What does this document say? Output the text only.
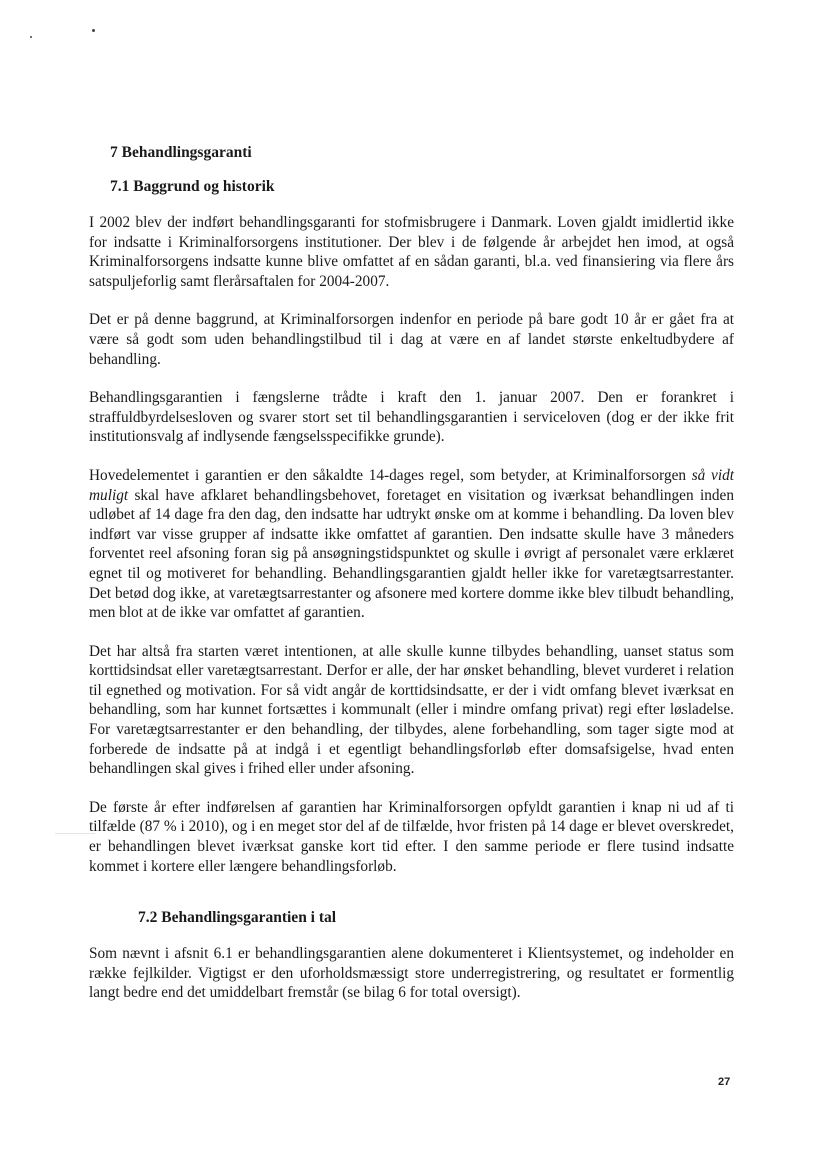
7 Behandlingsgaranti
7.1 Baggrund og historik

I 2002 blev der indført behandlingsgaranti for stofmisbrugere i Danmark. Loven gjaldt imidlertid ikke for indsatte i Kriminalforsorgens institutioner. Der blev i de følgende år arbejdet hen imod, at også Kriminalforsorgens indsatte kunne blive omfattet af en sådan garanti, bl.a. ved finansiering via flere års satspuljeforlig samt flerårsaftalen for 2004-2007.

Det er på denne baggrund, at Kriminalforsorgen indenfor en periode på bare godt 10 år er gået fra at være så godt som uden behandlingstilbud til i dag at være en af landet største enkeltudbydere af behandling.

Behandlingsgarantien i fængslerne trådte i kraft den 1. januar 2007. Den er forankret i straffuldbyrdelsesloven og svarer stort set til behandlingsgarantien i serviceloven (dog er der ikke frit institutionsvalg af indlysende fængselsspecifikke grunde).

Hovedelementet i garantien er den såkaldte 14-dages regel, som betyder, at Kriminalforsorgen så vidt muligt skal have afklaret behandlingsbehovet, foretaget en visitation og iværksat behandlingen inden udløbet af 14 dage fra den dag, den indsatte har udtrykt ønske om at komme i behandling. Da loven blev indført var visse grupper af indsatte ikke omfattet af garantien. Den indsatte skulle have 3 måneders forventet reel afsoning foran sig på ansøgningstidspunktet og skulle i øvrigt af personalet være erklæret egnet til og motiveret for behandling. Behandlingsgarantien gjaldt heller ikke for varetægtsarrestanter. Det betød dog ikke, at varetægtsarrestanter og afsonere med kortere domme ikke blev tilbudt behandling, men blot at de ikke var omfattet af garantien.

Det har altså fra starten været intentionen, at alle skulle kunne tilbydes behandling, uanset status som korttidsindsat eller varetægtsarrestant. Derfor er alle, der har ønsket behandling, blevet vurderet i relation til egnethed og motivation. For så vidt angår de korttidsindsatte, er der i vidt omfang blevet iværksat en behandling, som har kunnet fortsættes i kommunalt (eller i mindre omfang privat) regi efter løsladelse. For varetægtsarrestanter er den behandling, der tilbydes, alene forbehandling, som tager sigte mod at forberede de indsatte på at indgå i et egentligt behandlingsforløb efter domsafsigelse, hvad enten behandlingen skal gives i frihed eller under afsoning.

De første år efter indførelsen af garantien har Kriminalforsorgen opfyldt garantien i knap ni ud af ti tilfælde (87 % i 2010), og i en meget stor del af de tilfælde, hvor fristen på 14 dage er blevet overskredet, er behandlingen blevet iværksat ganske kort tid efter. I den samme periode er flere tusind indsatte kommet i kortere eller længere behandlingsforløb.

7.2 Behandlingsgarantien i tal

Som nævnt i afsnit 6.1 er behandlingsgarantien alene dokumenteret i Klientsystemet, og indeholder en række fejlkilder. Vigtigst er den uforholdsmæssigt store underregistrering, og resultatet er formentlig langt bedre end det umiddelbart fremstår (se bilag 6 for total oversigt).

27
